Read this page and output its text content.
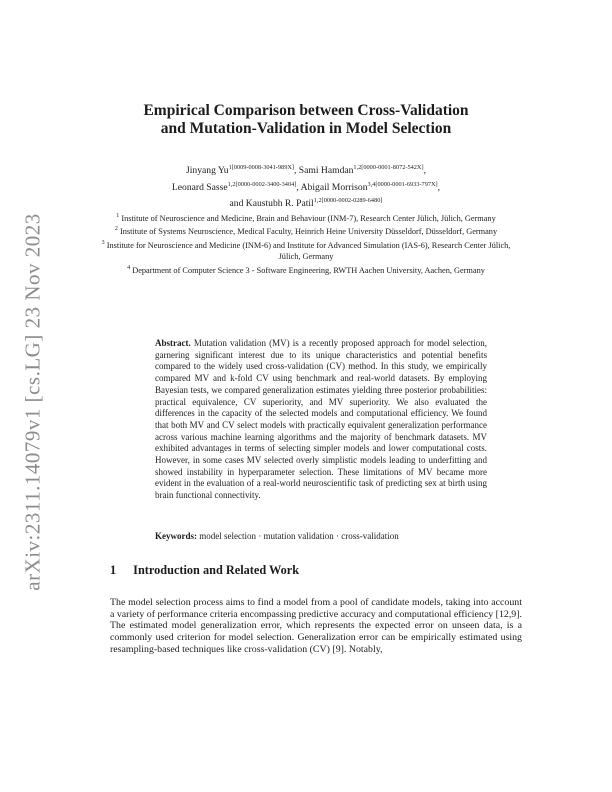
arXiv:2311.14079v1 [cs.LG] 23 Nov 2023
Empirical Comparison between Cross-Validation
and Mutation-Validation in Model Selection
Jinyang $Yu^{1[0009-0008-3041-989X]}$, Sami Hamdan$^{1,2[0000-0001-8072-542X]}$,
Leonard Sasse$^{1,2[0000-0002-3400-3404]}$, Abigail Morrison$^{3,4[0000-0001-6933-797X]}$,
and Kaustubh R. Patil$^{1,2[0000-0002-0289-6480]}$
$^1$ Institute of Neuroscience and Medicine, Brain and Behaviour (INM-7), Research Center Jülich, Jülich, Germany
$^2$ Institute of Systems Neuroscience, Medical Faculty, Heinrich Heine University Düsseldorf, Düsseldorf, Germany
$^3$ Institute for Neuroscience and Medicine (INM-6) and Institute for Advanced Simulation (IAS-6), Research Center Jülich, Jülich, Germany
$^4$ Department of Computer Science 3 - Software Engineering, RWTH Aachen University, Aachen, Germany
Abstract. Mutation validation (MV) is a recently proposed approach for model selection, garnering significant interest due to its unique characteristics and potential benefits compared to the widely used cross-validation (CV) method. In this study, we empirically compared MV and k-fold CV using benchmark and real-world datasets. By employing Bayesian tests, we compared generalization estimates yielding three posterior probabilities: practical equivalence, CV superiority, and MV superiority. We also evaluated the differences in the capacity of the selected models and computational efficiency. We found that both MV and CV select models with practically equivalent generalization performance across various machine learning algorithms and the majority of benchmark datasets. MV exhibited advantages in terms of selecting simpler models and lower computational costs. However, in some cases MV selected overly simplistic models leading to underfitting and showed instability in hyperparameter selection. These limitations of MV became more evident in the evaluation of a real-world neuroscientific task of predicting sex at birth using brain functional connectivity.
Keywords: model selection · mutation validation · cross-validation
1 Introduction and Related Work
The model selection process aims to find a model from a pool of candidate models, taking into account a variety of performance criteria encompassing predictive accuracy and computational efficiency [12,9]. The estimated model generalization error, which represents the expected error on unseen data, is a commonly used criterion for model selection. Generalization error can be empirically estimated using resampling-based techniques like cross-validation (CV) [9]. Notably,
